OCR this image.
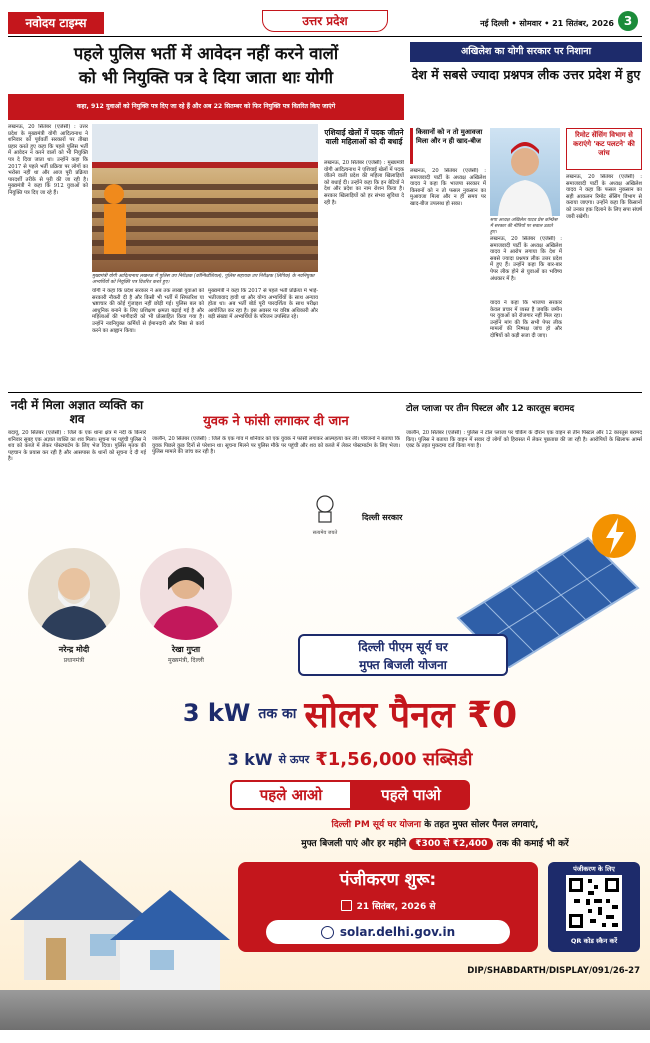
नवोदय टाइम्स	उत्तर प्रदेश	नई दिल्ली • सोमवार • 21 सितंबर, 2026 3
पहले पुलिस भर्ती में आवेदन नहीं करने वालों
को भी नियुक्ति पत्र दे दिया जाता थाः योगी
कहा, 912 युवाओं को नियुक्ति पत्र दिए जा रहे हैं और अब 22 सितम्बर को फिर नियुक्ति पत्र वितरित किए जाएंगे
लखनऊ, 20 सितंबर (एजेंसी) : उत्तर प्रदेश के मुख्यमंत्री योगी आदित्यनाथ ने शनिवार को पूर्ववर्ती सरकारों पर तीखा प्रहार करते हुए कहा कि पहले पुलिस भर्ती में आवेदन न करने वालों को भी नियुक्ति पत्र दे दिया जाता था। उन्होंने कहा कि 2017 से पहले भर्ती प्रक्रिया पर लोगों का भरोसा नहीं था और आज पूरी प्रक्रिया पारदर्शी तरीके से पूरी की जा रही है। मुख्यमंत्री ने कहा कि 912 युवाओं को नियुक्ति पत्र दिए जा रहे हैं।
मुख्यमंत्री योगी आदित्यनाथ लखनऊ में पुलिस उप निरीक्षक (कॉन्फिडेंशियल), पुलिस सहायक उप निरीक्षक (लिपिक) के नवनियुक्त अभ्यर्थियों को नियुक्ति पत्र वितरित करते हुए।
योगी ने कहा कि प्रदेश सरकार ने अब तक लाखों युवाओं को सरकारी नौकरी दी है और किसी भी भर्ती में सिफारिश या भ्रष्टाचार की कोई गुंजाइश नहीं छोड़ी गई। पुलिस बल को आधुनिक बनाने के लिए प्रशिक्षण क्षमता बढ़ाई गई है और महिलाओं की भागीदारी को भी प्रोत्साहित किया गया है। उन्होंने नवनियुक्त कर्मियों से ईमानदारी और निष्ठा से कार्य करने का आह्वान किया।
मुख्यमंत्री ने कहा कि 2017 से पहले भर्ती प्रक्रिया में भाई-भतीजावाद हावी था और योग्य अभ्यर्थियों के साथ अन्याय होता था। अब भर्ती बोर्ड पूरी पारदर्शिता के साथ परीक्षा आयोजित कर रहा है। इस अवसर पर वरिष्ठ अधिकारी और बड़ी संख्या में अभ्यर्थियों के परिजन उपस्थित रहे।
एशियाई खेलों में पदक जीतने वाली महिलाओं को दी बधाई
लखनऊ, 20 सितंबर (एजेंसी) : मुख्यमंत्री योगी आदित्यनाथ ने एशियाई खेलों में पदक जीतने वाली प्रदेश की महिला खिलाड़ियों को बधाई दी। उन्होंने कहा कि इन बेटियों ने देश और प्रदेश का नाम रोशन किया है। सरकार खिलाड़ियों को हर संभव सुविधा दे रही है।
अखिलेश का योगी सरकार पर निशाना
देश में सबसे ज्यादा प्रश्नपत्र लीक उत्तर प्रदेश में हुए
किसानों को न तो मुआवजा मिला और न ही खाद-बीज
लखनऊ, 20 सितंबर (एजेंसी) : समाजवादी पार्टी के अध्यक्ष अखिलेश यादव ने कहा कि भाजपा सरकार में किसानों को न तो फसल नुकसान का मुआवजा मिला और न ही समय पर खाद-बीज उपलब्ध हो सका।
सपा अध्यक्ष अखिलेश यादव प्रेस कॉन्फ्रेंस में सरकार की नीतियों पर सवाल उठाते हुए।
लखनऊ, 20 सितंबर (एजेंसी) : समाजवादी पार्टी के अध्यक्ष अखिलेश यादव ने आरोप लगाया कि देश में सबसे ज्यादा प्रश्नपत्र लीक उत्तर प्रदेश में हुए हैं। उन्होंने कहा कि बार-बार पेपर लीक होने से युवाओं का भविष्य अंधकार में है।
रिमोट सेंसिंग विभाग से कराएंगे 'कट पलटने' की जांच
लखनऊ, 20 सितंबर (एजेंसी) : समाजवादी पार्टी के अध्यक्ष अखिलेश यादव ने कहा कि फसल नुकसान का सही आकलन रिमोट सेंसिंग विभाग से कराया जाएगा। उन्होंने कहा कि किसानों को उनका हक दिलाने के लिए सपा संघर्ष जारी रखेगी।
यादव ने कहा कि भाजपा सरकार केवल प्रचार में व्यस्त है जबकि जमीन पर युवाओं को रोजगार नहीं मिल रहा। उन्होंने मांग की कि सभी पेपर लीक मामलों की निष्पक्ष जांच हो और दोषियों को कड़ी सजा दी जाए।
नदी में मिला अज्ञात व्यक्ति का शव
बदायूं, 20 सितंबर (एजेंसी) : जिले के एक थाना क्षेत्र में नदी के किनारे शनिवार सुबह एक अज्ञात व्यक्ति का शव मिला। सूचना पर पहुंची पुलिस ने शव को कब्जे में लेकर पोस्टमार्टम के लिए भेज दिया। पुलिस मृतक की पहचान के प्रयास कर रही है और आसपास के थानों को सूचना दे दी गई है।
युवक ने फांसी लगाकर दी जान
जालौन, 20 सितंबर (एजेंसी) : जिले के एक गांव में शनिवार को एक युवक ने फांसी लगाकर आत्महत्या कर ली। परिजनों ने बताया कि युवक पिछले कुछ दिनों से परेशान था। सूचना मिलने पर पुलिस मौके पर पहुंची और शव को कब्जे में लेकर पोस्टमार्टम के लिए भेजा। पुलिस मामले की जांच कर रही है।
टोल प्लाजा पर तीन पिस्टल और 12 कारतूस बरामद
जालौन, 20 सितंबर (एजेंसी) : पुलिस ने टोल प्लाजा पर चेकिंग के दौरान एक वाहन से तीन पिस्टल और 12 कारतूस बरामद किए। पुलिस ने बताया कि वाहन में सवार दो लोगों को हिरासत में लेकर पूछताछ की जा रही है। आरोपियों के खिलाफ आर्म्स एक्ट के तहत मुकदमा दर्ज किया गया है।
सत्यमेव जयते
दिल्ली सरकार
नरेन्द्र मोदी
प्रधानमंत्री
रेखा गुप्ता
मुख्यमंत्री, दिल्ली
दिल्ली पीएम सूर्य घर
मुफ्त बिजली योजना
3 kW तक का सोलर पैनल ₹0
3 kW से ऊपर ₹1,56,000 सब्सिडी
पहले आओ	पहले पाओ
दिल्ली PM सूर्य घर योजना के तहत मुफ्त सोलर पैनल लगवाएं,
मुफ्त बिजली पाएं और हर महीने ₹300 से ₹2,400 तक की कमाई भी करें
पंजीकरण शुरू:
21 सितंबर, 2026 से
solar.delhi.gov.in
पंजीकरण के लिए
QR कोड स्कैन करें
DIP/SHABDARTH/DISPLAY/091/26-27
